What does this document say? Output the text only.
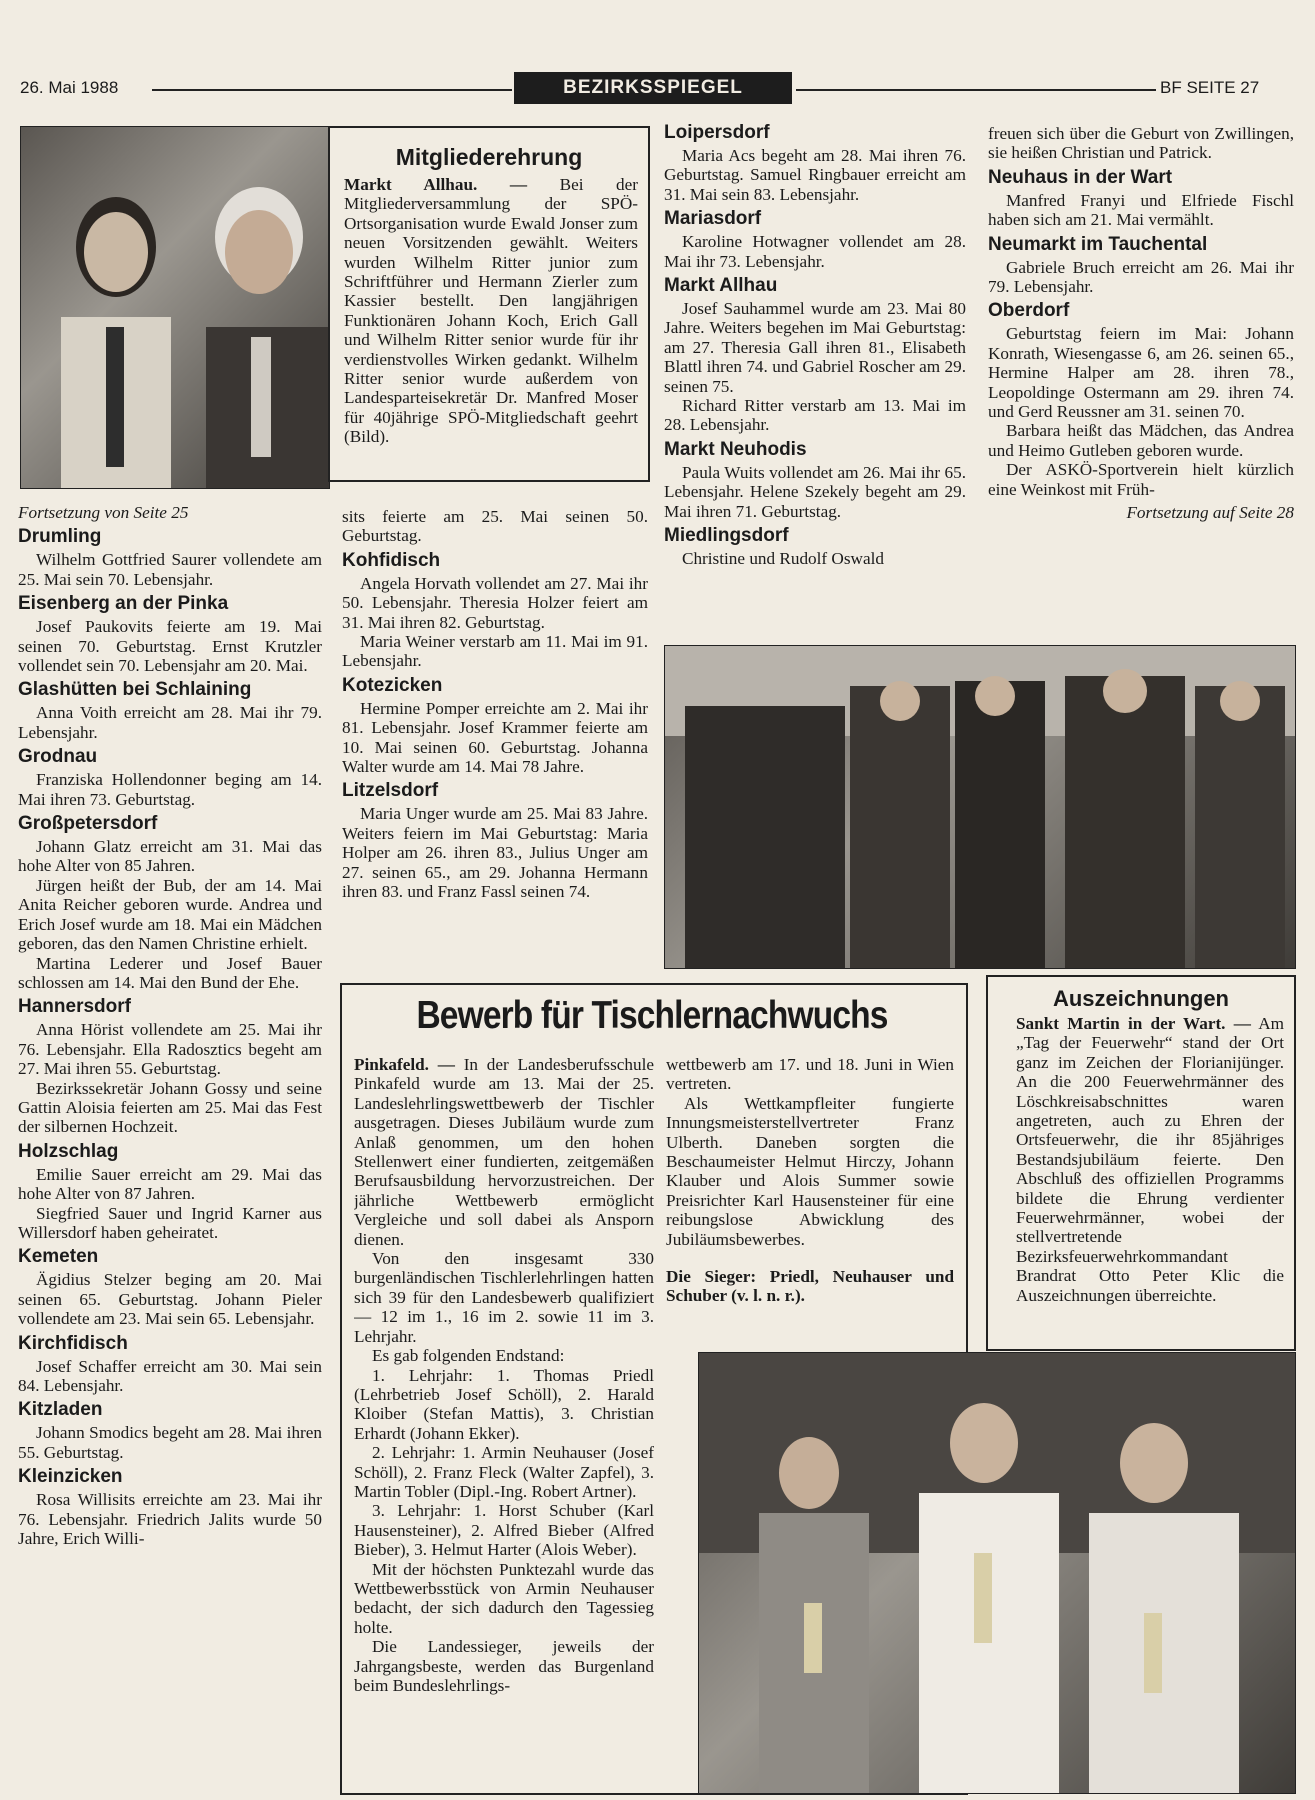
26. Mai 1988	BEZIRKSSPIEGEL	BF SEITE 27
Mitgliederehrung

Markt Allhau. — Bei der Mitgliederversammlung der SPÖ-Ortsorganisation wurde Ewald Jonser zum neuen Vorsitzenden gewählt. Weiters wurden Wilhelm Ritter junior zum Schriftführer und Hermann Zierler zum Kassier bestellt. Den langjährigen Funktionären Johann Koch, Erich Gall und Wilhelm Ritter senior wurde für ihr verdienstvolles Wirken gedankt. Wilhelm Ritter senior wurde außerdem von Landesparteisekretär Dr. Manfred Moser für 40jährige SPÖ-Mitgliedschaft geehrt (Bild).

Fortsetzung von Seite 25
Drumling

Wilhelm Gottfried Saurer vollendete am 25. Mai sein 70. Lebensjahr.

Eisenberg an der Pinka

Josef Paukovits feierte am 19. Mai seinen 70. Geburtstag. Ernst Krutzler vollendet sein 70. Lebensjahr am 20. Mai.

Glashütten bei Schlaining

Anna Voith erreicht am 28. Mai ihr 79. Lebensjahr.

Grodnau

Franziska Hollendonner beging am 14. Mai ihren 73. Geburtstag.

Großpetersdorf

Johann Glatz erreicht am 31. Mai das hohe Alter von 85 Jahren.

Jürgen heißt der Bub, der am 14. Mai Anita Reicher geboren wurde. Andrea und Erich Josef wurde am 18. Mai ein Mädchen geboren, das den Namen Christine erhielt.

Martina Lederer und Josef Bauer schlossen am 14. Mai den Bund der Ehe.

Hannersdorf

Anna Hörist vollendete am 25. Mai ihr 76. Lebensjahr. Ella Radosztics begeht am 27. Mai ihren 55. Geburtstag.

Bezirkssekretär Johann Gossy und seine Gattin Aloisia feierten am 25. Mai das Fest der silbernen Hochzeit.

Holzschlag

Emilie Sauer erreicht am 29. Mai das hohe Alter von 87 Jahren.

Siegfried Sauer und Ingrid Karner aus Willersdorf haben geheiratet.

Kemeten

Ägidius Stelzer beging am 20. Mai seinen 65. Geburtstag. Johann Pieler vollendete am 23. Mai sein 65. Lebensjahr.

Kirchfidisch

Josef Schaffer erreicht am 30. Mai sein 84. Lebensjahr.

Kitzladen

Johann Smodics begeht am 28. Mai ihren 55. Geburtstag.

Kleinzicken

Rosa Willisits erreichte am 23. Mai ihr 76. Lebensjahr. Friedrich Jalits wurde 50 Jahre, Erich Willi-

sits feierte am 25. Mai seinen 50. Geburtstag.

Kohfidisch

Angela Horvath vollendet am 27. Mai ihr 50. Lebensjahr. Theresia Holzer feiert am 31. Mai ihren 82. Geburtstag.

Maria Weiner verstarb am 11. Mai im 91. Lebensjahr.

Kotezicken

Hermine Pomper erreichte am 2. Mai ihr 81. Lebensjahr. Josef Krammer feierte am 10. Mai seinen 60. Geburtstag. Johanna Walter wurde am 14. Mai 78 Jahre.

Litzelsdorf

Maria Unger wurde am 25. Mai 83 Jahre. Weiters feiern im Mai Geburtstag: Maria Holper am 26. ihren 83., Julius Unger am 27. seinen 65., am 29. Johanna Hermann ihren 83. und Franz Fassl seinen 74.

Loipersdorf

Maria Acs begeht am 28. Mai ihren 76. Geburtstag. Samuel Ringbauer erreicht am 31. Mai sein 83. Lebensjahr.

Mariasdorf

Karoline Hotwagner vollendet am 28. Mai ihr 73. Lebensjahr.

Markt Allhau

Josef Sauhammel wurde am 23. Mai 80 Jahre. Weiters begehen im Mai Geburtstag: am 27. Theresia Gall ihren 81., Elisabeth Blattl ihren 74. und Gabriel Roscher am 29. seinen 75.

Richard Ritter verstarb am 13. Mai im 28. Lebensjahr.

Markt Neuhodis

Paula Wuits vollendet am 26. Mai ihr 65. Lebensjahr. Helene Szekely begeht am 29. Mai ihren 71. Geburtstag.

Miedlingsdorf

Christine und Rudolf Oswald

freuen sich über die Geburt von Zwillingen, sie heißen Christian und Patrick.

Neuhaus in der Wart

Manfred Franyi und Elfriede Fischl haben sich am 21. Mai vermählt.

Neumarkt im Tauchental

Gabriele Bruch erreicht am 26. Mai ihr 79. Lebensjahr.

Oberdorf

Geburtstag feiern im Mai: Johann Konrath, Wiesengasse 6, am 26. seinen 65., Hermine Halper am 28. ihren 78., Leopoldinge Ostermann am 29. ihren 74. und Gerd Reussner am 31. seinen 70.

Barbara heißt das Mädchen, das Andrea und Heimo Gutleben geboren wurde.

Der ASKÖ-Sportverein hielt kürzlich eine Weinkost mit Früh-

Fortsetzung auf Seite 28
Bewerb für Tischlernachwuchs

Pinkafeld. — In der Landesberufsschule Pinkafeld wurde am 13. Mai der 25. Landeslehrlingswettbewerb der Tischler ausgetragen. Dieses Jubiläum wurde zum Anlaß genommen, um den hohen Stellenwert einer fundierten, zeitgemäßen Berufsausbildung hervorzustreichen. Der jährliche Wettbewerb ermöglicht Vergleiche und soll dabei als Ansporn dienen.

Von den insgesamt 330 burgenländischen Tischlerlehrlingen hatten sich 39 für den Landesbewerb qualifiziert — 12 im 1., 16 im 2. sowie 11 im 3. Lehrjahr.

Es gab folgenden Endstand:

1. Lehrjahr: 1. Thomas Priedl (Lehrbetrieb Josef Schöll), 2. Harald Kloiber (Stefan Mattis), 3. Christian Erhardt (Johann Ekker).

2. Lehrjahr: 1. Armin Neuhauser (Josef Schöll), 2. Franz Fleck (Walter Zapfel), 3. Martin Tobler (Dipl.-Ing. Robert Artner).

3. Lehrjahr: 1. Horst Schuber (Karl Hausensteiner), 2. Alfred Bieber (Alfred Bieber), 3. Helmut Harter (Alois Weber).

Mit der höchsten Punktezahl wurde das Wettbewerbsstück von Armin Neuhauser bedacht, der sich dadurch den Tagessieg holte.

Die Landessieger, jeweils der Jahrgangsbeste, werden das Burgenland beim Bundeslehrlings-

wettbewerb am 17. und 18. Juni in Wien vertreten.

Als Wettkampfleiter fungierte Innungsmeisterstellvertreter Franz Ulberth. Daneben sorgten die Beschaumeister Helmut Hirczy, Johann Klauber und Alois Summer sowie Preisrichter Karl Hausensteiner für eine reibungslose Abwicklung des Jubiläumsbewerbes.

Die Sieger: Priedl, Neuhauser und Schuber (v. l. n. r.).

Auszeichnungen

Sankt Martin in der Wart. — Am „Tag der Feuerwehr“ stand der Ort ganz im Zeichen der Florianijünger. An die 200 Feuerwehrmänner des Löschkreisabschnittes waren angetreten, auch zu Ehren der Ortsfeuerwehr, die ihr 85jähriges Bestandsjubiläum feierte. Den Abschluß des offiziellen Programms bildete die Ehrung verdienter Feuerwehrmänner, wobei der stellvertretende Bezirksfeuerwehrkommandant Brandrat Otto Peter Klic die Auszeichnungen überreichte.
